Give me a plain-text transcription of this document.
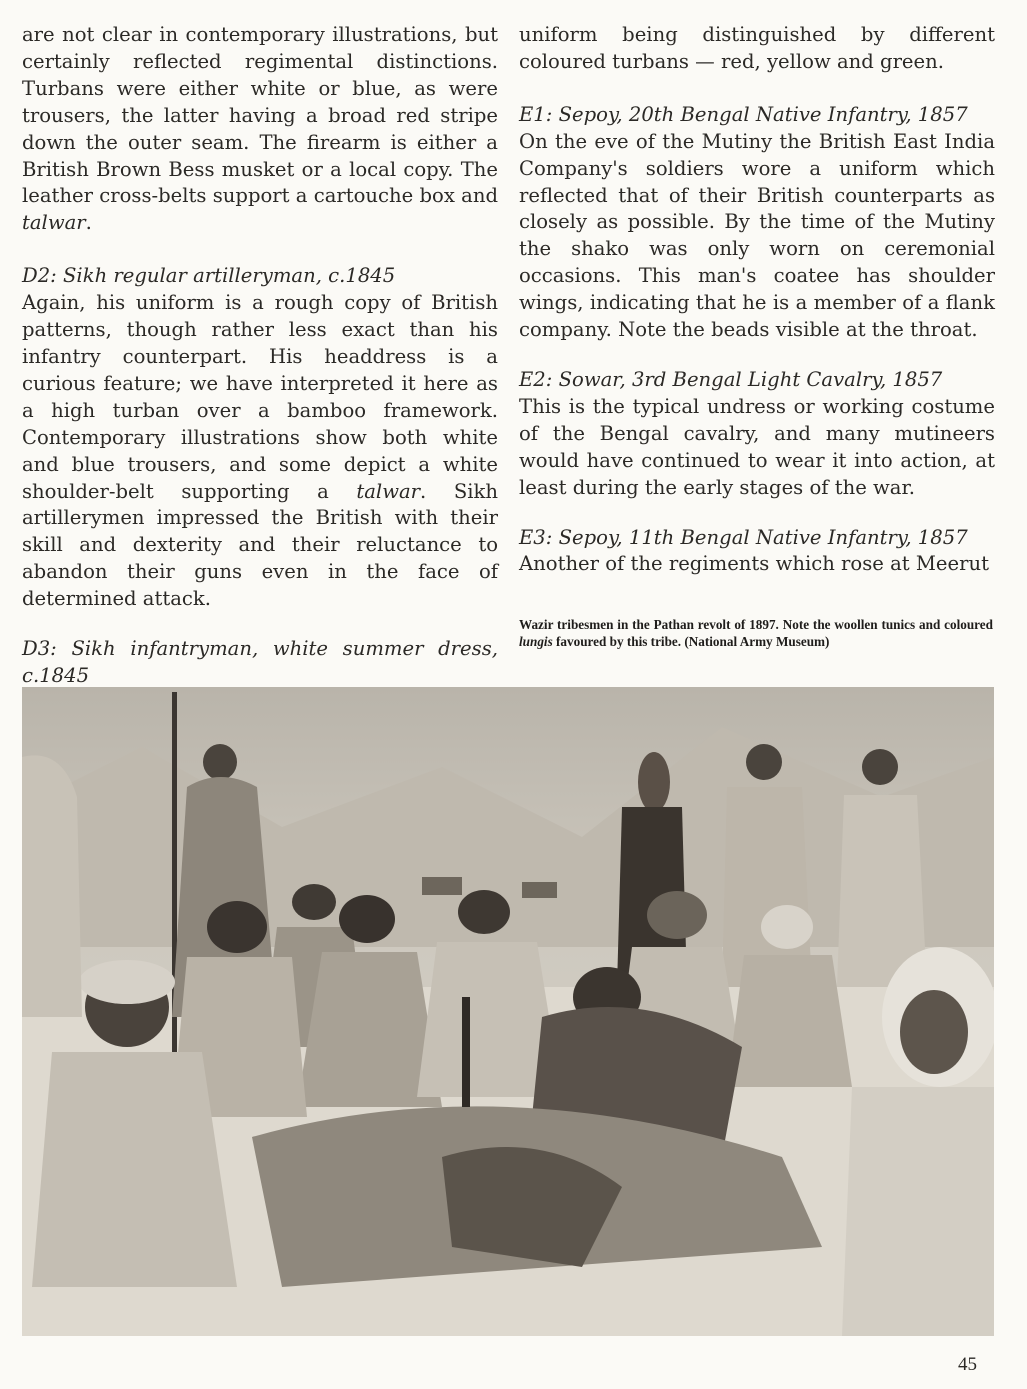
are not clear in contemporary illustrations, but certainly reflected regimental distinctions. Turbans were either white or blue, as were trousers, the latter having a broad red stripe down the outer seam. The firearm is either a British Brown Bess musket or a local copy. The leather cross-belts support a cartouche box and talwar.

D2: Sikh regular artilleryman, c.1845

Again, his uniform is a rough copy of British patterns, though rather less exact than his infantry counterpart. His headdress is a curious feature; we have interpreted it here as a high turban over a bamboo framework. Contemporary illustrations show both white and blue trousers, and some depict a white shoulder-belt supporting a talwar. Sikh artillerymen impressed the British with their skill and dexterity and their reluctance to abandon their guns even in the face of determined attack.

D3: Sikh infantryman, white summer dress, c.1845

uniform being distinguished by different coloured turbans — red, yellow and green.

E1: Sepoy, 20th Bengal Native Infantry, 1857

On the eve of the Mutiny the British East India Company's soldiers wore a uniform which reflected that of their British counterparts as closely as possible. By the time of the Mutiny the shako was only worn on ceremonial occasions. This man's coatee has shoulder wings, indicating that he is a member of a flank company. Note the beads visible at the throat.

E2: Sowar, 3rd Bengal Light Cavalry, 1857

This is the typical undress or working costume of the Bengal cavalry, and many mutineers would have continued to wear it into action, at least during the early stages of the war.

E3: Sepoy, 11th Bengal Native Infantry, 1857

Another of the regiments which rose at Meerut

Wazir tribesmen in the Pathan revolt of 1897. Note the woollen tunics and coloured lungis favoured by this tribe. (National Army Museum)
45
